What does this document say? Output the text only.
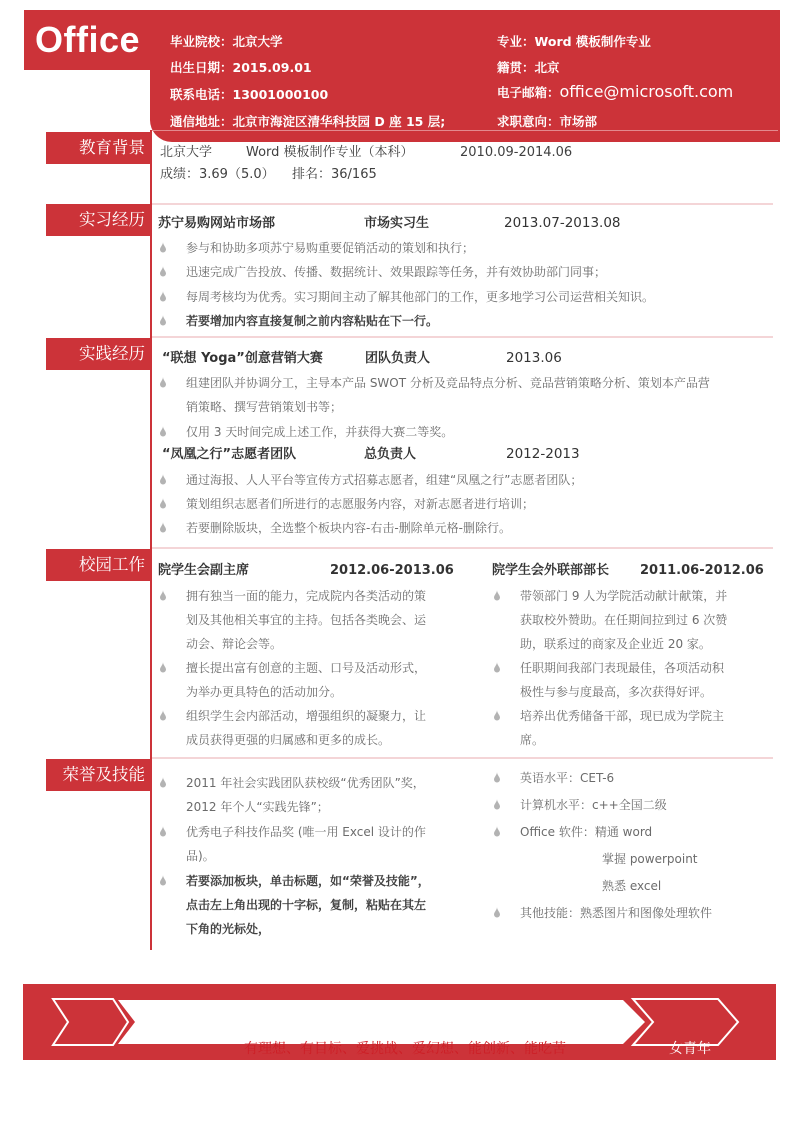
Office	毕业院校：北京大学
出生日期：2015.09.01
联系电话：13001000100
通信地址：北京市海淀区清华科技园 D 座 15 层;
专业：Word 模板制作专业
籍贯：北京
电子邮箱：office@microsoft.com
求职意向：市场部
教育背景	北京大学	Word 模板制作专业（本科）	2010.09-2014.06
成绩：3.69（5.0） 排名：36/165
实习经历	苏宁易购网站市场部	市场实习生	2013.07-2013.08
参与和协助多项苏宁易购重要促销活动的策划和执行；
迅速完成广告投放、传播、数据统计、效果跟踪等任务，并有效协助部门同事；
每周考核均为优秀。实习期间主动了解其他部门的工作，更多地学习公司运营相关知识。
若要增加内容直接复制之前内容粘贴在下一行。
实践经历	“联想 Yoga”创意营销大赛	团队负责人	2013.06
组建团队并协调分工，主导本产品 SWOT 分析及竞品特点分析、竞品营销策略分析、策划本产品营
销策略、撰写营销策划书等；
仅用 3 天时间完成上述工作，并获得大赛二等奖。
“凤凰之行”志愿者团队	总负责人	2012-2013
通过海报、人人平台等宣传方式招募志愿者，组建“凤凰之行”志愿者团队；
策划组织志愿者们所进行的志愿服务内容，对新志愿者进行培训；
若要删除版块，全选整个板块内容-右击-删除单元格-删除行。
校园工作	院学生会副主席	2012.06-2013.06	院学生会外联部部长 2011.06-2012.06
拥有独当一面的能力，完成院内各类活动的策
划及其他相关事宜的主持。包括各类晚会、运
动会、辩论会等。
擅长提出富有创意的主题、口号及活动形式，
为举办更具特色的活动加分。
组织学生会内部活动，增强组织的凝聚力，让
成员获得更强的归属感和更多的成长。
带领部门 9 人为学院活动献计献策，并
获取校外赞助。在任期间拉到过 6 次赞
助，联系过的商家及企业近 20 家。
任职期间我部门表现最佳，各项活动积
极性与参与度最高，多次获得好评。
培养出优秀储备干部，现已成为学院主
席。
荣誉及技能	2011 年社会实践团队获校级“优秀团队”奖，
2012 年个人“实践先锋”；
优秀电子科技作品奖 (唯一用 Excel 设计的作
品)。
若要添加板块，单击标题，如“荣誉及技能”，
点击左上角出现的十字标，复制，粘贴在其左
下角的光标处，
英语水平：CET-6
计算机水平：c++全国二级
Office 软件：精通 word
掌握 powerpoint
熟悉 excel
其他技能：熟悉图片和图像处理软件
有理想、有目标、爱挑战、爱幻想、能创新、能吃苦	女青年
